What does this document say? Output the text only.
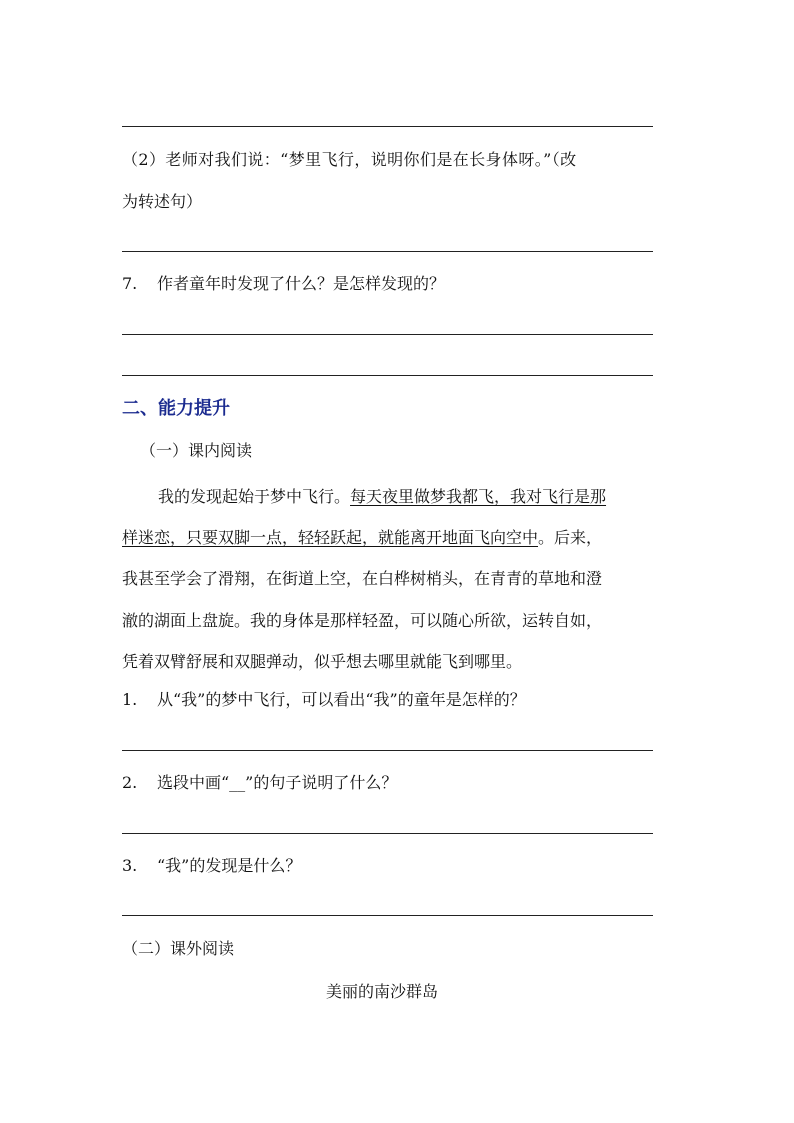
（2）老师对我们说：“梦里飞行，说明你们是在长身体呀。”（改
为转述句）
7. 作者童年时发现了什么？是怎样发现的？
二、能力提升
（一）课内阅读
我的发现起始于梦中飞行。每天夜里做梦我都飞，我对飞行是那
样迷恋，只要双脚一点，轻轻跃起，就能离开地面飞向空中。后来，
我甚至学会了滑翔，在街道上空，在白桦树梢头，在青青的草地和澄
澈的湖面上盘旋。我的身体是那样轻盈，可以随心所欲，运转自如，
凭着双臂舒展和双腿弹动，似乎想去哪里就能飞到哪里。
1. 从“我”的梦中飞行，可以看出“我”的童年是怎样的？
2. 选段中画“__”的句子说明了什么？
3. “我”的发现是什么？
（二）课外阅读
美丽的南沙群岛
